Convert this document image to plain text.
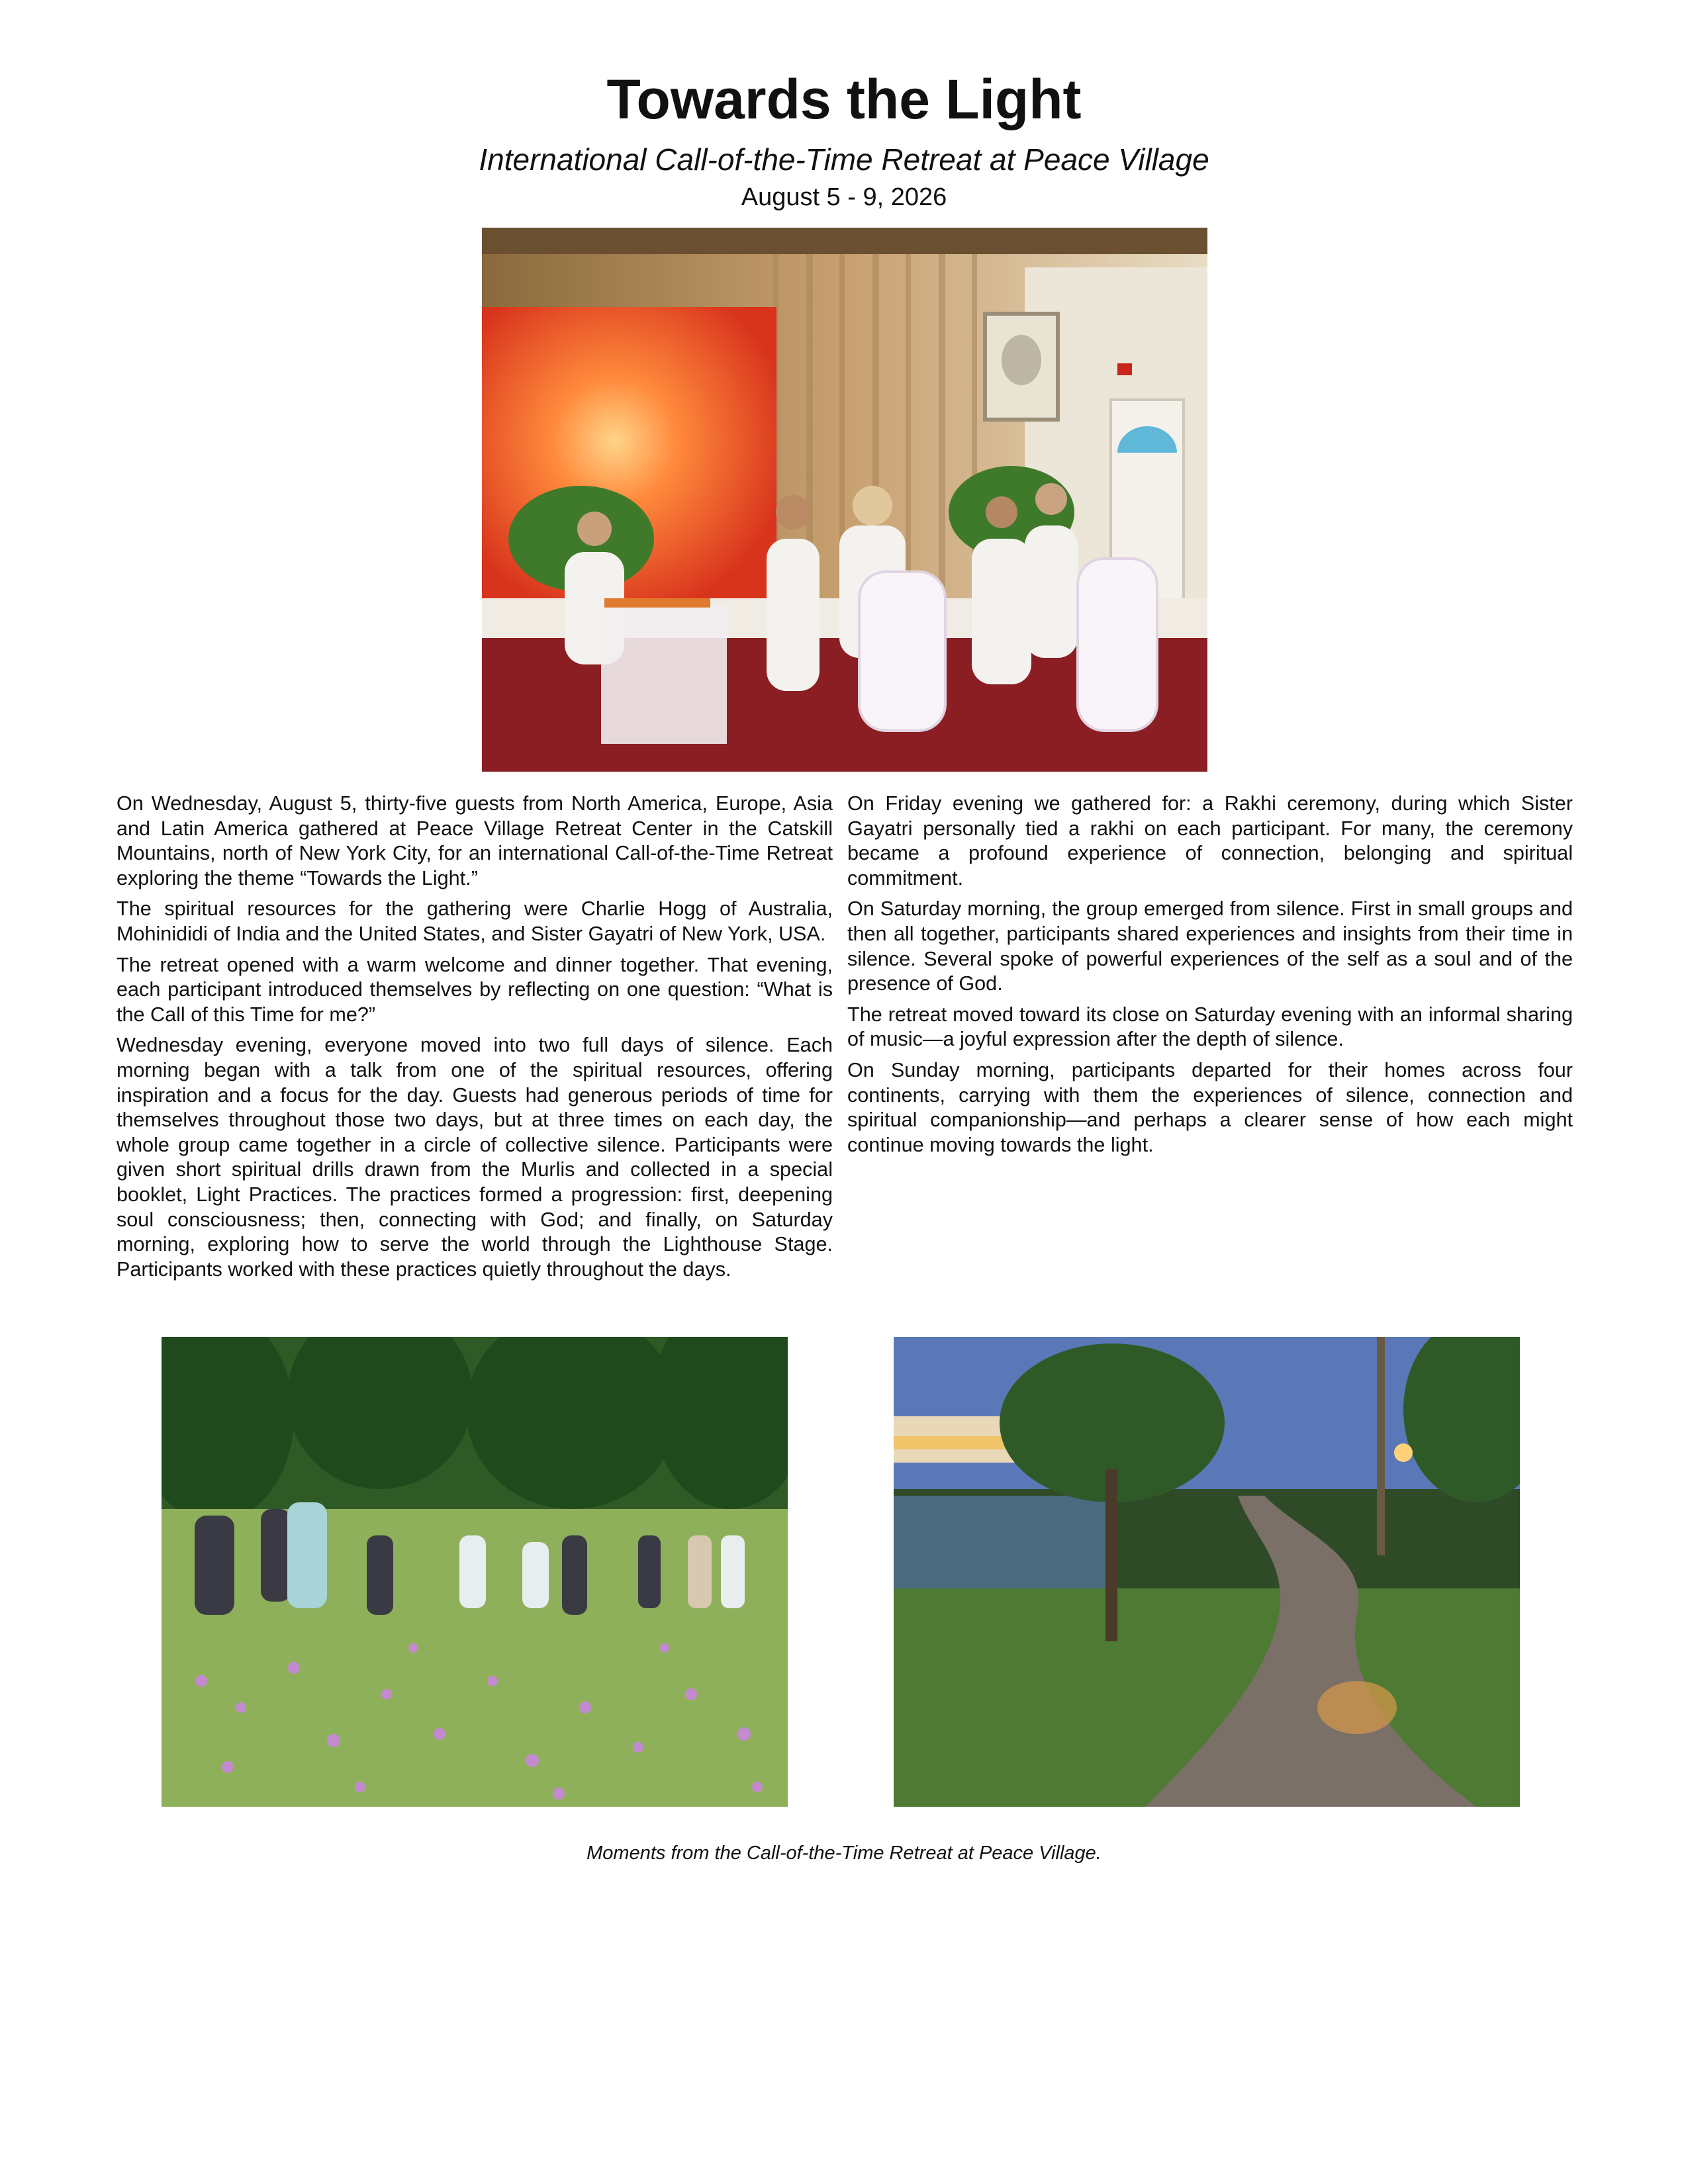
Towards the Light
International Call-of-the-Time Retreat at Peace Village
August 5 - 9, 2026

On Wednesday, August 5, thirty-five guests from North America, Europe, Asia and Latin America gathered at Peace Village Retreat Center in the Catskill Mountains, north of New York City, for an international Call-of-the-Time Retreat exploring the theme “Towards the Light.”

The spiritual resources for the gathering were Charlie Hogg of Australia, Mohinididi of India and the United States, and Sister Gayatri of New York, USA.

The retreat opened with a warm welcome and dinner together. That evening, each participant introduced themselves by reflecting on one question: “What is the Call of this Time for me?”

Wednesday evening, everyone moved into two full days of silence. Each morning began with a talk from one of the spiritual resources, offering inspiration and a focus for the day. Guests had generous periods of time for themselves throughout those two days, but at three times on each day, the whole group came together in a circle of collective silence. Participants were given short spiritual drills drawn from the Murlis and collected in a special booklet, Light Practices. The practices formed a progression: first, deepening soul consciousness; then, connecting with God; and finally, on Saturday morning, exploring how to serve the world through the Lighthouse Stage. Participants worked with these practices quietly throughout the days.

On Friday evening we gathered for: a Rakhi ceremony, during which Sister Gayatri personally tied a rakhi on each participant. For many, the ceremony became a profound experience of connection, belonging and spiritual commitment.

On Saturday morning, the group emerged from silence. First in small groups and then all together, participants shared experiences and insights from their time in silence. Several spoke of powerful experiences of the self as a soul and of the presence of God.

The retreat moved toward its close on Saturday evening with an informal sharing of music—a joyful expression after the depth of silence.

On Sunday morning, participants departed for their homes across four continents, carrying with them the experiences of silence, connection and spiritual companionship—and perhaps a clearer sense of how each might continue moving towards the light.

Moments from the Call-of-the-Time Retreat at Peace Village.
